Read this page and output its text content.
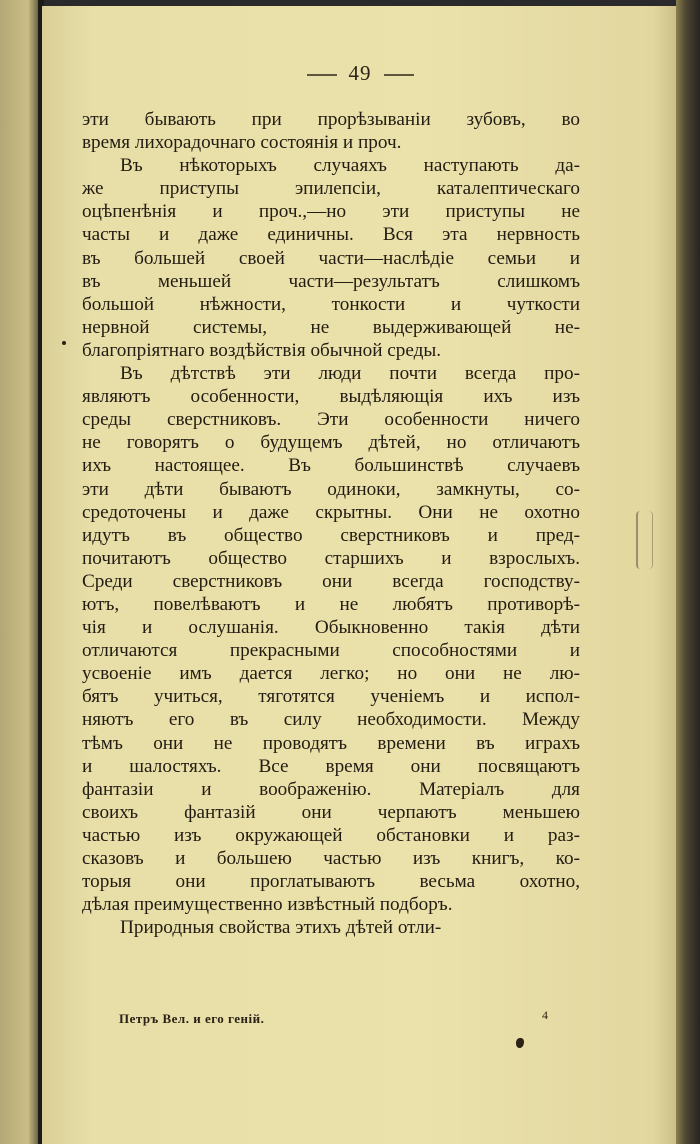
49
эти бывають при прорѣзываніи зубовъ, во
время лихорадочнаго состоянія и проч.
Въ нѣкоторыхъ случаяхъ наступають да-
же приступы эпилепсіи, каталептическаго
оцѣпенѣнія и проч.,—но эти приступы не
часты и даже единичны. Вся эта нервность
въ большей своей части—наслѣдіе семьи и
въ меньшей части—результатъ слишкомъ
большой нѣжности, тонкости и чуткости
нервной системы, не выдерживающей не-
благопріятнаго воздѣйствія обычной среды.
Въ дѣтствѣ эти люди почти всегда про-
являютъ особенности, выдѣляющія ихъ изъ
среды сверстниковъ. Эти особенности ничего
не говорятъ о будущемъ дѣтей, но отличаютъ
ихъ настоящее. Въ большинствѣ случаевъ
эти дѣти бываютъ одиноки, замкнуты, со-
средоточены и даже скрытны. Они не охотно
идутъ въ общество сверстниковъ и пред-
почитаютъ общество старшихъ и взрослыхъ.
Среди сверстниковъ они всегда господству-
ютъ, повелѣваютъ и не любятъ противорѣ-
чія и ослушанія. Обыкновенно такія дѣти
отличаются прекрасными способностями и
усвоеніе имъ дается легко; но они не лю-
бятъ учиться, тяготятся ученіемъ и испол-
няютъ его въ силу необходимости. Между
тѣмъ они не проводятъ времени въ играхъ
и шалостяхъ. Все время они посвящаютъ
фантазіи и воображенію. Матеріалъ для
своихъ фантазій они черпаютъ меньшею
частью изъ окружающей обстановки и раз-
сказовъ и большею частью изъ книгъ, ко-
торыя они проглатываютъ весьма охотно,
дѣлая преимущественно извѣстный подборъ.
Природныя свойства этихъ дѣтей отли-
Петръ Вел. и его геній.	4
